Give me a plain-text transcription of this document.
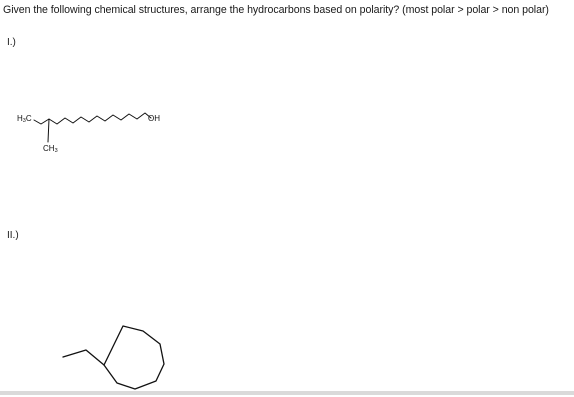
Given the following chemical structures, arrange the hydrocarbons based on polarity? (most polar > polar > non polar)
I.)
$H_3C$	OH
$CH_3$
II.)
